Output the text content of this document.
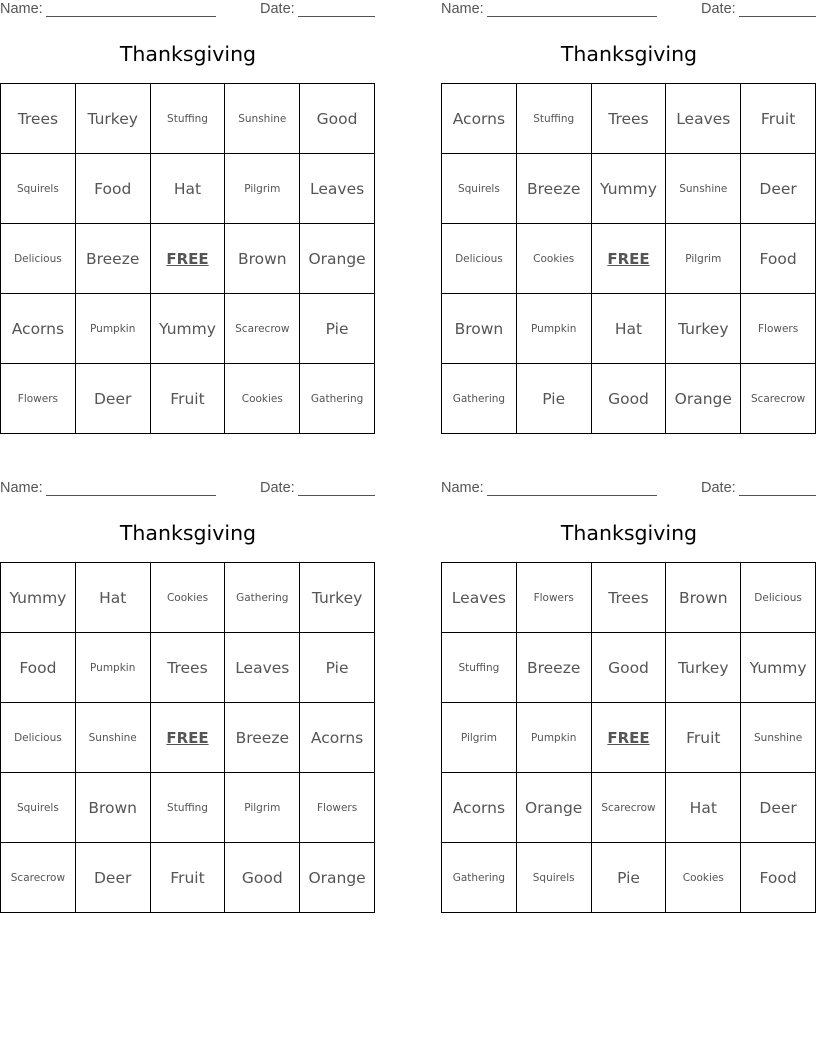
Name:	Date:
Thanksgiving
Trees	Turkey	Stuffing	Sunshine	Good
Squirels	Food	Hat	Pilgrim	Leaves
Delicious	Breeze	FREE	Brown	Orange
Acorns	Pumpkin	Yummy	Scarecrow	Pie
Flowers	Deer	Fruit	Cookies	Gathering
Name:	Date:
Thanksgiving
Acorns	Stuffing	Trees	Leaves	Fruit
Squirels	Breeze	Yummy	Sunshine	Deer
Delicious	Cookies	FREE	Pilgrim	Food
Brown	Pumpkin	Hat	Turkey	Flowers
Gathering	Pie	Good	Orange	Scarecrow
Name:	Date:
Thanksgiving
Yummy	Hat	Cookies	Gathering	Turkey
Food	Pumpkin	Trees	Leaves	Pie
Delicious	Sunshine	FREE	Breeze	Acorns
Squirels	Brown	Stuffing	Pilgrim	Flowers
Scarecrow	Deer	Fruit	Good	Orange
Name:	Date:
Thanksgiving
Leaves	Flowers	Trees	Brown	Delicious
Stuffing	Breeze	Good	Turkey	Yummy
Pilgrim	Pumpkin	FREE	Fruit	Sunshine
Acorns	Orange	Scarecrow	Hat	Deer
Gathering	Squirels	Pie	Cookies	Food
